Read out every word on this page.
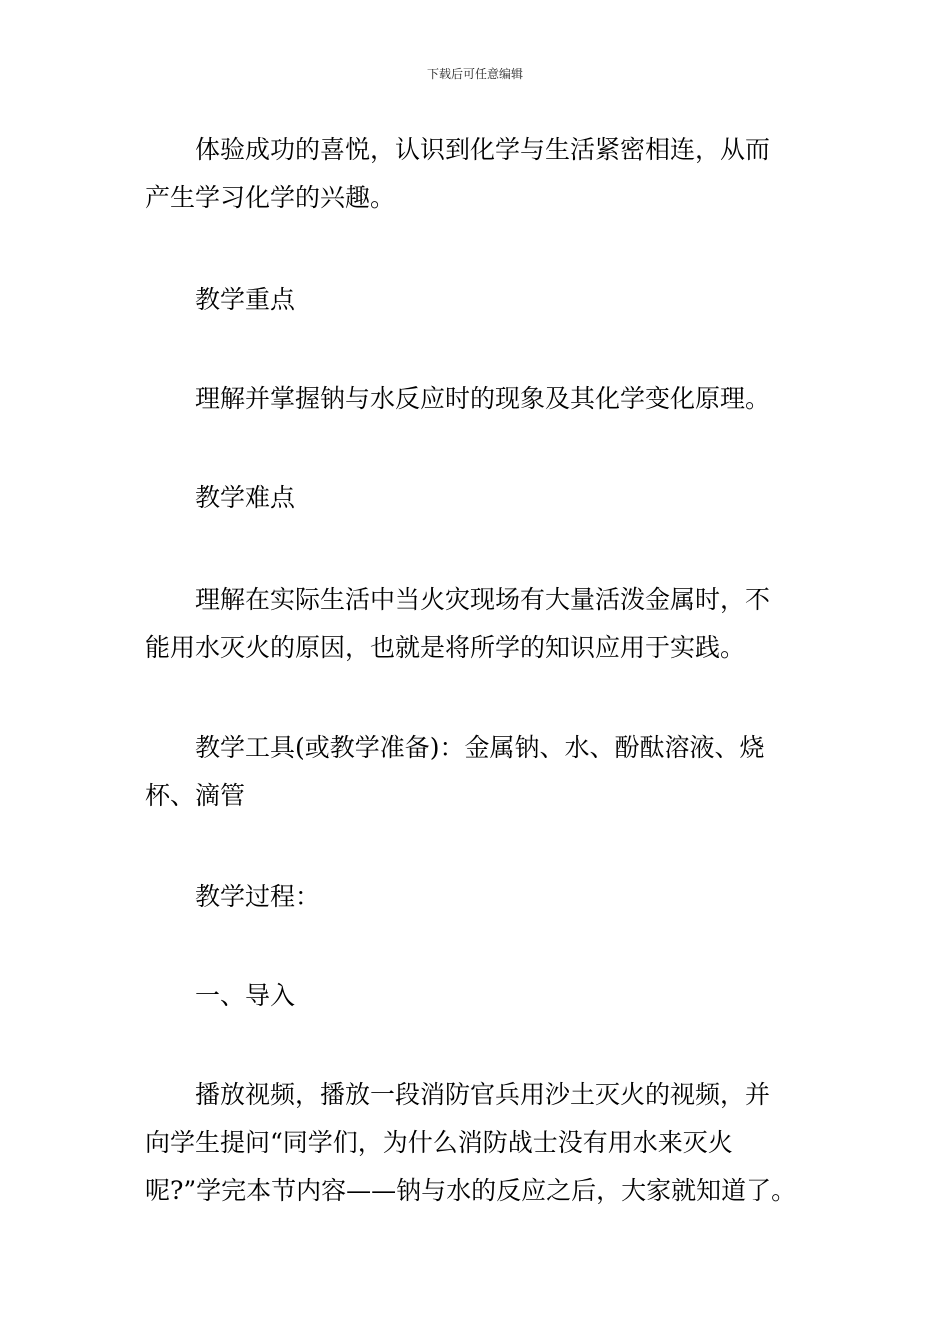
下载后可任意编辑

　　体验成功的喜悦，认识到化学与生活紧密相连，从而
产生学习化学的兴趣。

　　教学重点

　　理解并掌握钠与水反应时的现象及其化学变化原理。

　　教学难点

　　理解在实际生活中当火灾现场有大量活泼金属时，不
能用水灭火的原因，也就是将所学的知识应用于实践。

　　教学工具(或教学准备)：金属钠、水、酚酞溶液、烧
杯、滴管

　　教学过程：

　　一、导入

　　播放视频，播放一段消防官兵用沙土灭火的视频，并
向学生提问“同学们，为什么消防战士没有用水来灭火
呢?”学完本节内容——钠与水的反应之后，大家就知道了。
